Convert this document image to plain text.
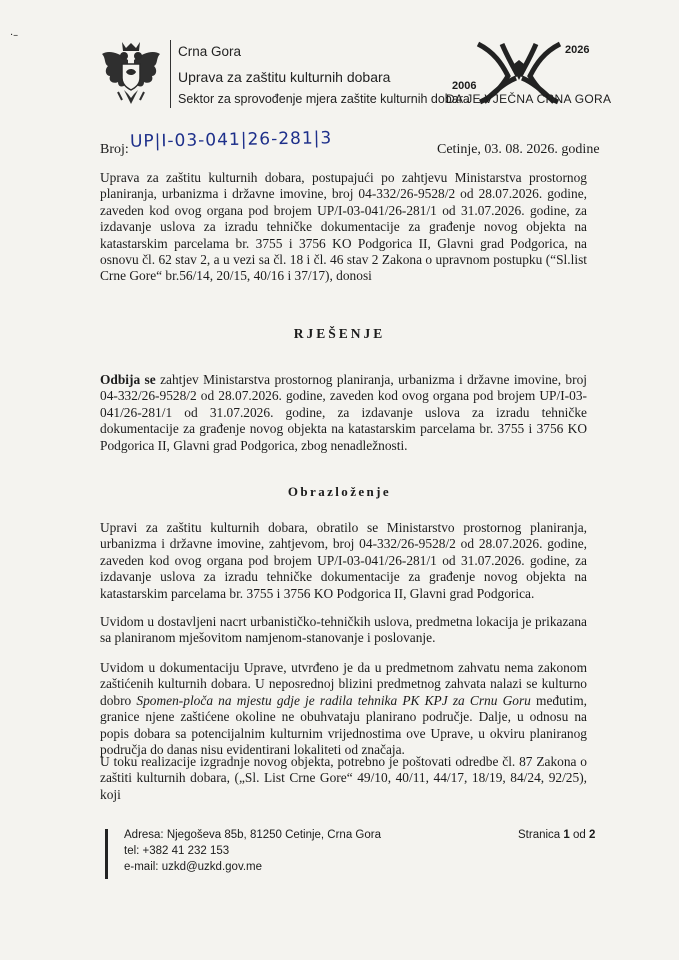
·–
Crna Gora
Uprava za zaštitu kulturnih dobara
Sektor za sprovođenje mjera zaštite kulturnih dobara
2026
2006
DA JE VJEČNA CRNA GORA
Broj: UP|I-03-041|26-281|3	Cetinje, 03. 08. 2026. godine
Uprava za zaštitu kulturnih dobara, postupajući po zahtjevu Ministarstva prostornog planiranja, urbanizma i državne imovine, broj 04-332/26-9528/2 od 28.07.2026. godine, zaveden kod ovog organa pod brojem UP/I-03-041/26-281/1 od 31.07.2026. godine, za izdavanje uslova za izradu tehničke dokumentacije za građenje novog objekta na katastarskim parcelama br. 3755 i 3756 KO Podgorica II, Glavni grad Podgorica, na osnovu čl. 62 stav 2, a u vezi sa čl. 18 i čl. 46 stav 2 Zakona o upravnom postupku (“Sl.list Crne Gore“ br.56/14, 20/15, 40/16 i 37/17), donosi
RJEŠENJE
Odbija se zahtjev Ministarstva prostornog planiranja, urbanizma i državne imovine, broj 04-332/26-9528/2 od 28.07.2026. godine, zaveden kod ovog organa pod brojem UP/I-03-041/26-281/1 od 31.07.2026. godine, za izdavanje uslova za izradu tehničke dokumentacije za građenje novog objekta na katastarskim parcelama br. 3755 i 3756 KO Podgorica II, Glavni grad Podgorica, zbog nenadležnosti.
Obrazloženje
Upravi za zaštitu kulturnih dobara, obratilo se Ministarstvo prostornog planiranja, urbanizma i državne imovine, zahtjevom, broj 04-332/26-9528/2 od 28.07.2026. godine, zaveden kod ovog organa pod brojem UP/I-03-041/26-281/1 od 31.07.2026. godine, za izdavanje uslova za izradu tehničke dokumentacije za građenje novog objekta na katastarskim parcelama br. 3755 i 3756 KO Podgorica II, Glavni grad Podgorica.
Uvidom u dostavljeni nacrt urbanističko-tehničkih uslova, predmetna lokacija je prikazana sa planiranom mješovitom namjenom-stanovanje i poslovanje.
Uvidom u dokumentaciju Uprave, utvrđeno je da u predmetnom zahvatu nema zakonom zaštićenih kulturnih dobara. U neposrednoj blizini predmetnog zahvata nalazi se kulturno dobro Spomen-ploča na mjestu gdje je radila tehnika PK KPJ za Crnu Goru međutim, granice njene zaštićene okoline ne obuhvataju planirano područje. Dalje, u odnosu na popis dobara sa potencijalnim kulturnim vrijednostima ove Uprave, u okviru planiranog područja do danas nisu evidentirani lokaliteti od značaja.
U toku realizacije izgradnje novog objekta, potrebno je poštovati odredbe čl. 87 Zakona o zaštiti kulturnih dobara, („Sl. List Crne Gore“ 49/10, 40/11, 44/17, 18/19, 84/24, 92/25), koji
Adresa: Njegoševa 85b, 81250 Cetinje, Crna Gora
tel: +382 41 232 153
e-mail: uzkd@uzkd.gov.me
Stranica 1 od 2
